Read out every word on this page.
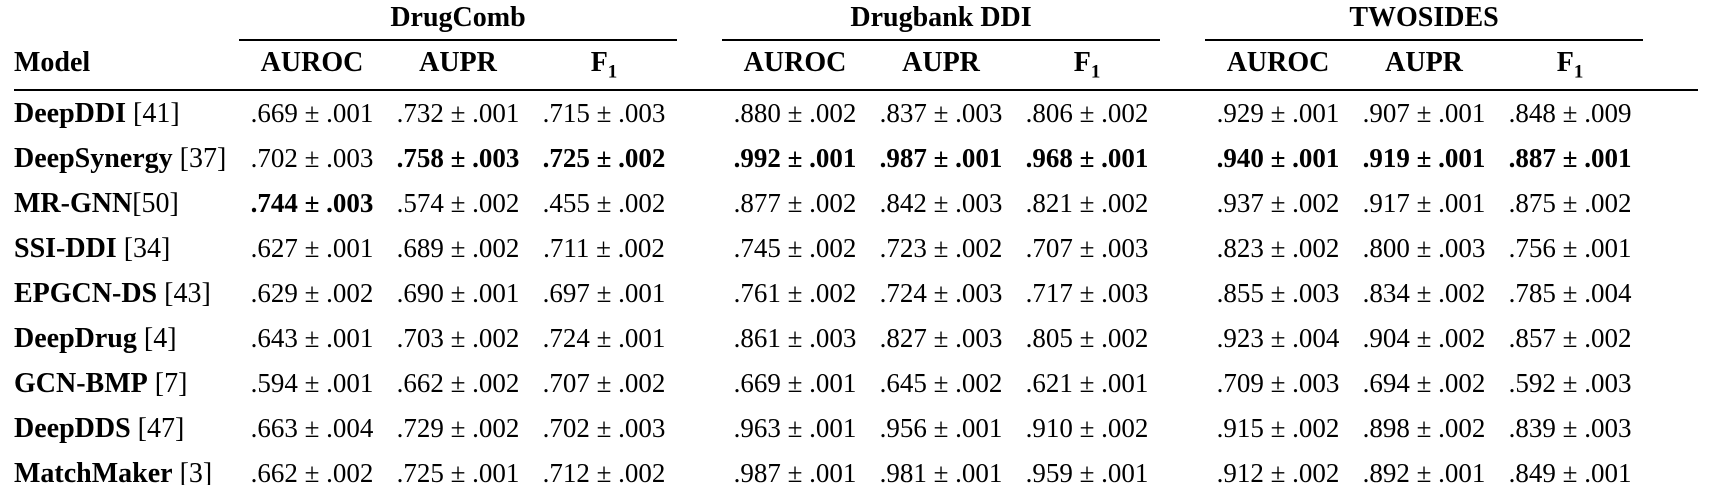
	DrugComb				Drugbank DDI				TWOSIDES			
Model	AUROC	AUPR	$F_1$		AUROC	AUPR	$F_1$		AUROC	AUPR	$F_1$	
DeepDDI [41]	.669 ± .001	.732 ± .001	.715 ± .003		.880 ± .002	.837 ± .003	.806 ± .002		.929 ± .001	.907 ± .001	.848 ± .009	
DeepSynergy [37]	.702 ± .003	.758 ± .003	.725 ± .002		.992 ± .001	.987 ± .001	.968 ± .001		.940 ± .001	.919 ± .001	.887 ± .001	
MR-GNN[50]	.744 ± .003	.574 ± .002	.455 ± .002		.877 ± .002	.842 ± .003	.821 ± .002		.937 ± .002	.917 ± .001	.875 ± .002	
SSI-DDI [34]	.627 ± .001	.689 ± .002	.711 ± .002		.745 ± .002	.723 ± .002	.707 ± .003		.823 ± .002	.800 ± .003	.756 ± .001	
EPGCN-DS [43]	.629 ± .002	.690 ± .001	.697 ± .001		.761 ± .002	.724 ± .003	.717 ± .003		.855 ± .003	.834 ± .002	.785 ± .004	
DeepDrug [4]	.643 ± .001	.703 ± .002	.724 ± .001		.861 ± .003	.827 ± .003	.805 ± .002		.923 ± .004	.904 ± .002	.857 ± .002	
GCN-BMP [7]	.594 ± .001	.662 ± .002	.707 ± .002		.669 ± .001	.645 ± .002	.621 ± .001		.709 ± .003	.694 ± .002	.592 ± .003	
DeepDDS [47]	.663 ± .004	.729 ± .002	.702 ± .003		.963 ± .001	.956 ± .001	.910 ± .002		.915 ± .002	.898 ± .002	.839 ± .003	
MatchMaker [3]	.662 ± .002	.725 ± .001	.712 ± .002		.987 ± .001	.981 ± .001	.959 ± .001		.912 ± .002	.892 ± .001	.849 ± .001	
